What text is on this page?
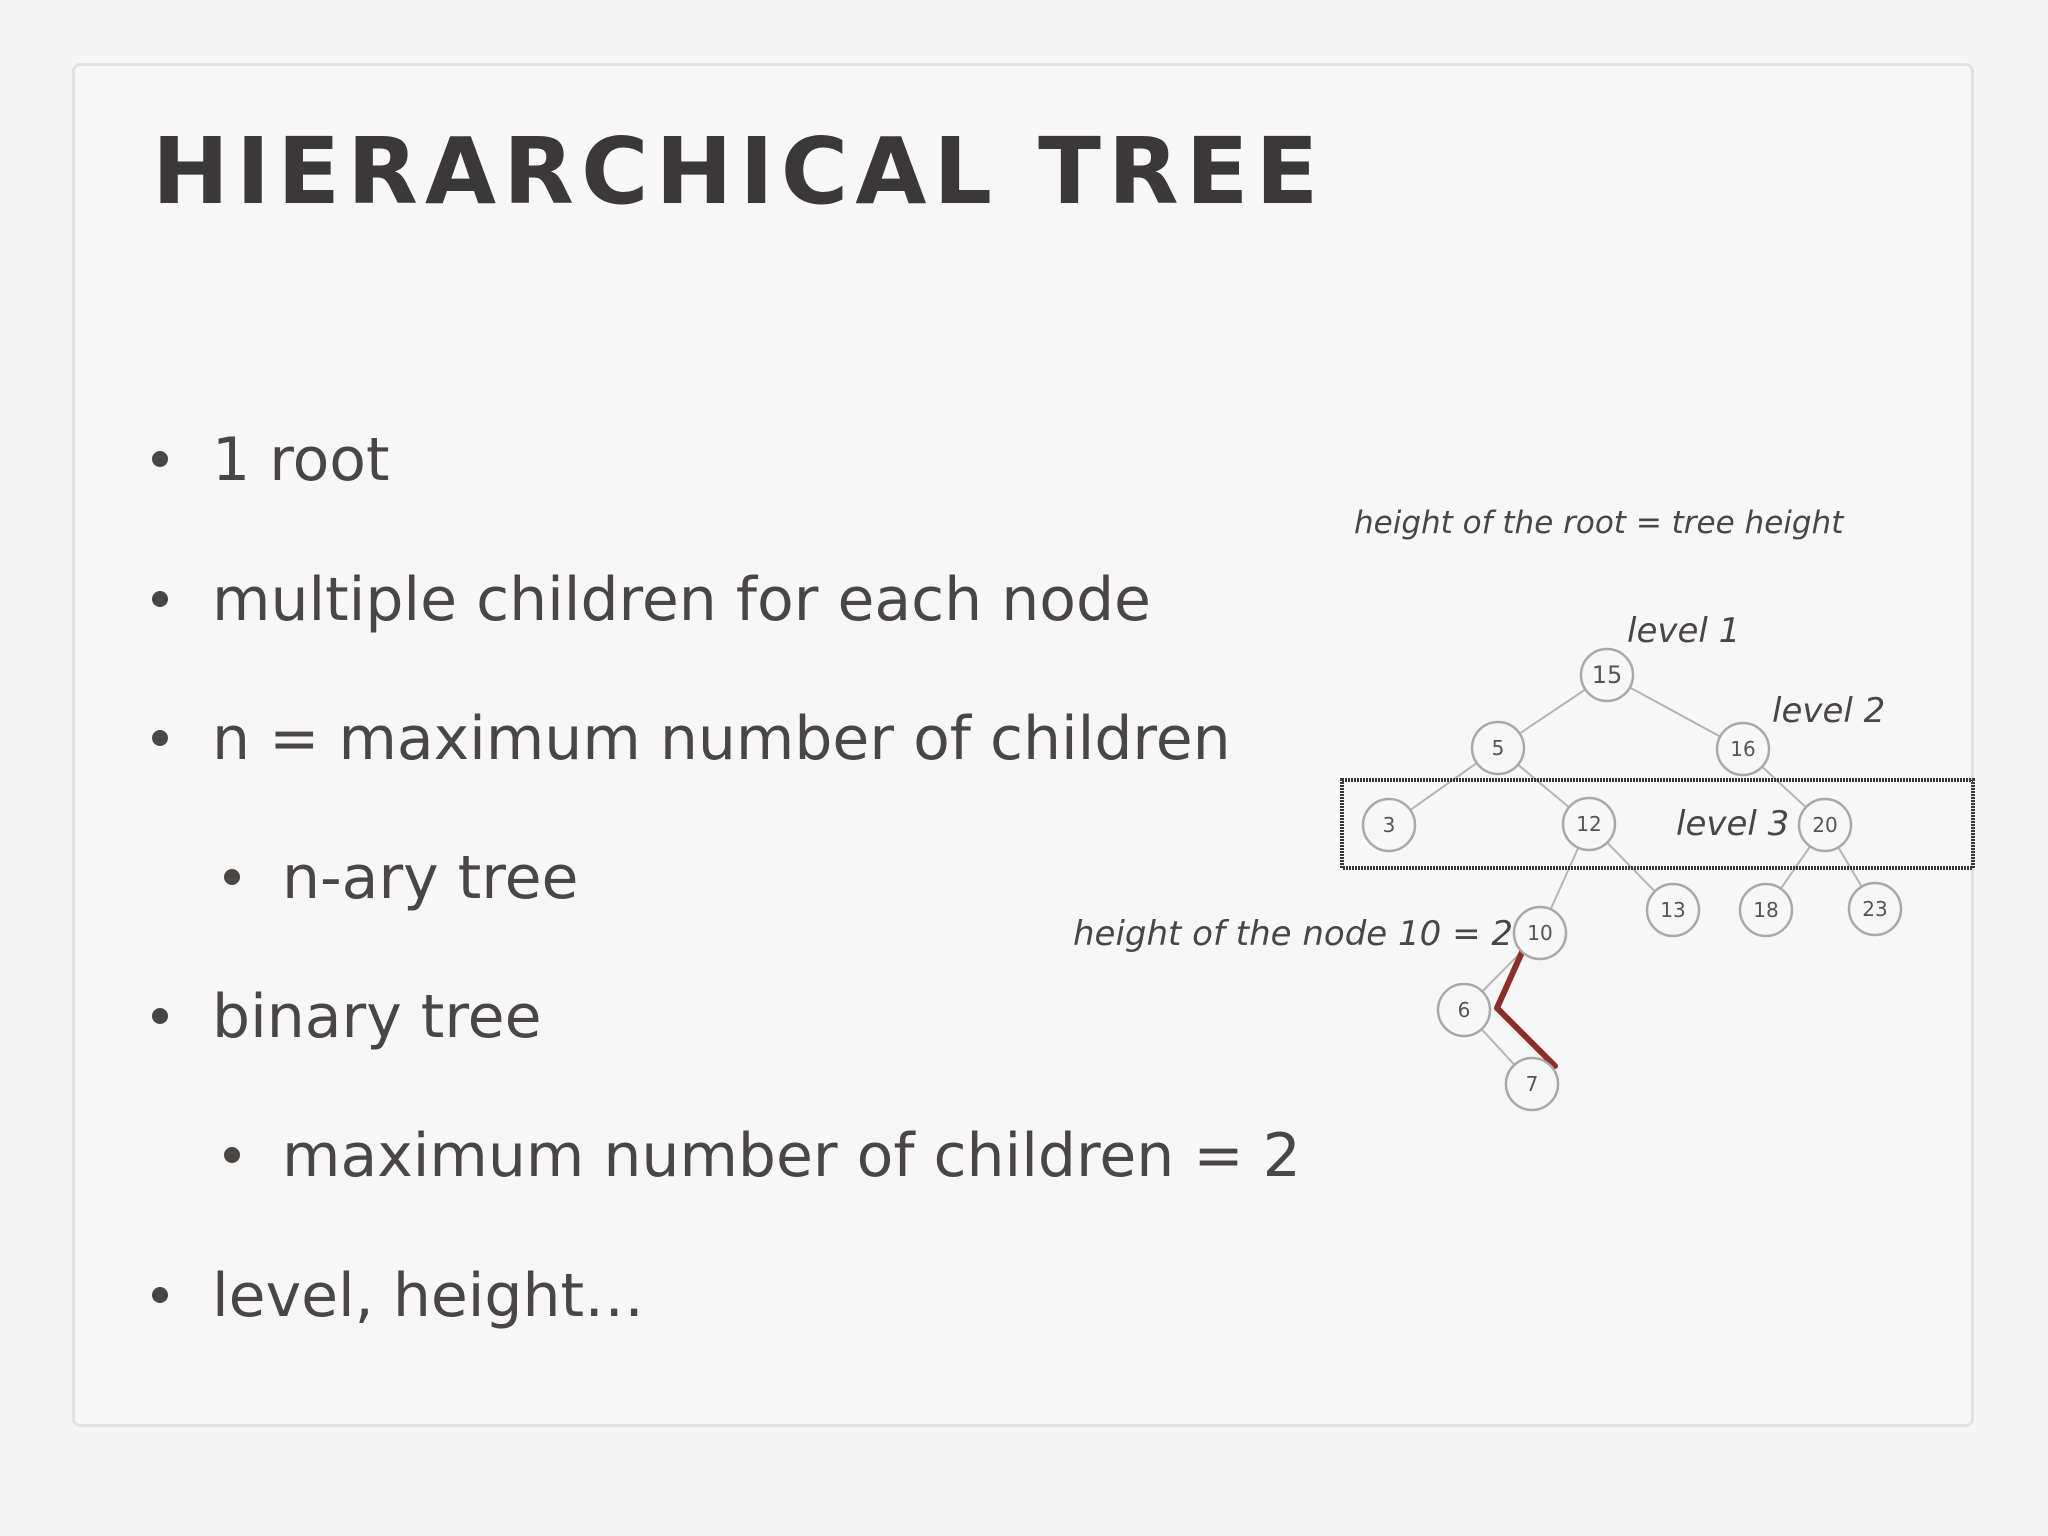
HIERARCHICAL TREE
1 root
multiple children for each node
n = maximum number of children
n-ary tree
binary tree
maximum number of children = 2
level, height…
15
5	16
3	12	20
10
13	18	23
6
7
height of the root = tree height
level 1
level 2
level 3
height of the node 10 = 2
